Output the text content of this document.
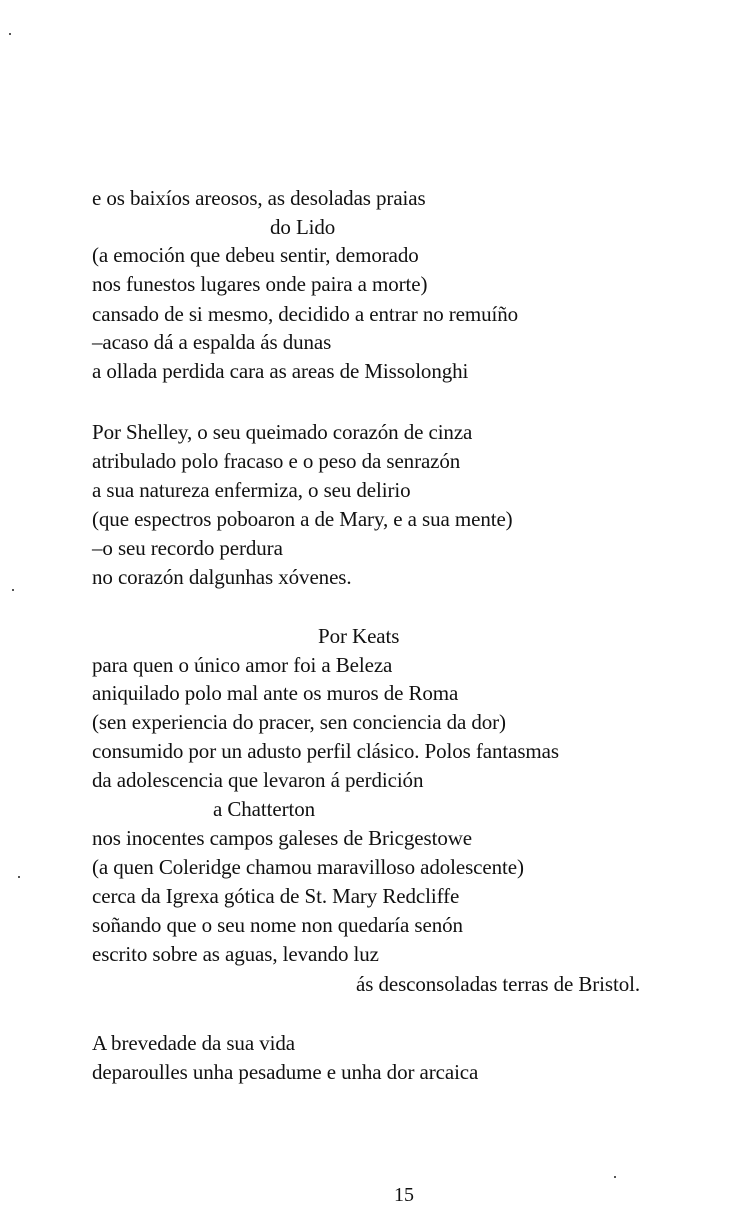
e os baixíos areosos, as desoladas praias
do Lido
(a emoción que debeu sentir, demorado
nos funestos lugares onde paira a morte)
cansado de si mesmo, decidido a entrar no remuíño
–acaso dá a espalda ás dunas
a ollada perdida cara as areas de Missolonghi
Por Shelley, o seu queimado corazón de cinza
atribulado polo fracaso e o peso da senrazón
a sua natureza enfermiza, o seu delirio
(que espectros poboaron a de Mary, e a sua mente)
–o seu recordo perdura
no corazón dalgunhas xóvenes.
Por Keats
para quen o único amor foi a Beleza
aniquilado polo mal ante os muros de Roma
(sen experiencia do pracer, sen conciencia da dor)
consumido por un adusto perfil clásico. Polos fantasmas
da adolescencia que levaron á perdición
a Chatterton
nos inocentes campos galeses de Bricgestowe
(a quen Coleridge chamou maravilloso adolescente)
cerca da Igrexa gótica de St. Mary Redcliffe
soñando que o seu nome non quedaría senón
escrito sobre as aguas, levando luz
ás desconsoladas terras de Bristol.
A brevedade da sua vida
deparoulles unha pesadume e unha dor arcaica
15
